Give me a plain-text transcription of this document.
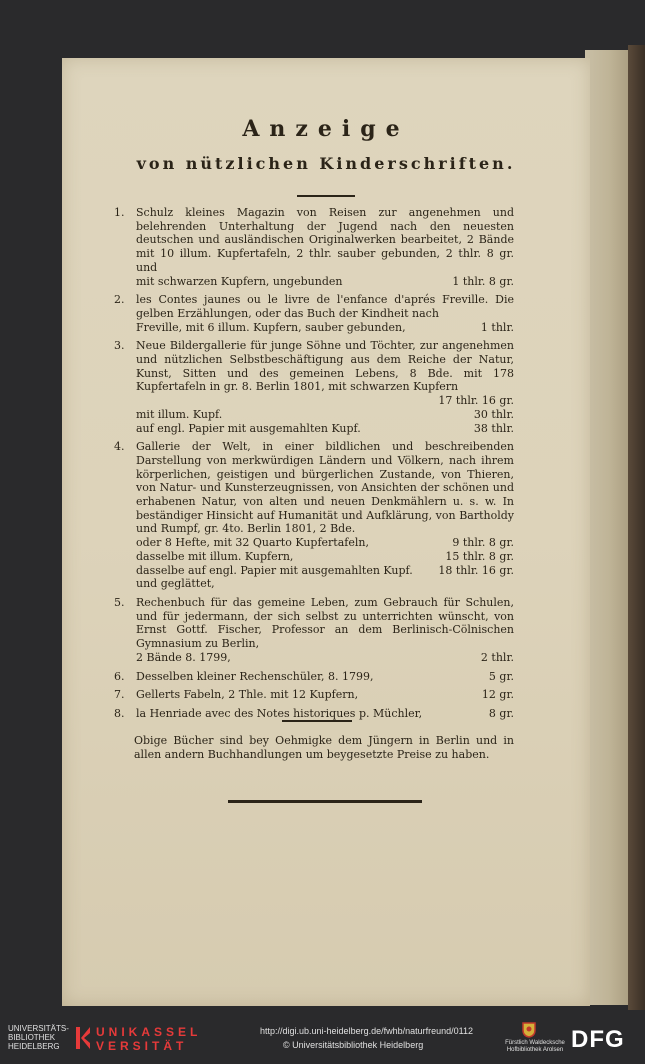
Anzeige
von nützlichen Kinderschriften.
1. Schulz kleines Magazin von Reisen zur angenehmen und belehrenden Unterhaltung der Jugend nach den neuesten deutschen und ausländischen Originalwerken bearbeitet, 2 Bände mit 10 illum. Kupfertafeln, 2 thlr. sauber gebunden, 2 thlr. 8 gr. und
mit schwarzen Kupfern, ungebunden	1 thlr. 8 gr.
2. les Contes jaunes ou le livre de l'enfance d'aprés Freville. Die gelben Erzählungen, oder das Buch der Kindheit nach
Freville, mit 6 illum. Kupfern, sauber gebunden,	1 thlr.
3. Neue Bildergallerie für junge Söhne und Töchter, zur angenehmen und nützlichen Selbstbeschäftigung aus dem Reiche der Natur, Kunst, Sitten und des gemeinen Lebens, 8 Bde. mit 178 Kupfertafeln in gr. 8. Berlin 1801, mit schwarzen Kupfern
17 thlr. 16 gr.
mit illum. Kupf.	30 thlr.
auf engl. Papier mit ausgemahlten Kupf.	38 thlr.
4. Gallerie der Welt, in einer bildlichen und beschreibenden Darstellung von merkwürdigen Ländern und Völkern, nach ihrem körperlichen, geistigen und bürgerlichen Zustande, von Thieren, von Natur- und Kunsterzeugnissen, von Ansichten der schönen und erhabenen Natur, von alten und neuen Denkmählern u. s. w. In beständiger Hinsicht auf Humanität und Aufklärung, von Bartholdy und Rumpf, gr. 4to. Berlin 1801, 2 Bde.
oder 8 Hefte, mit 32 Quarto Kupfertafeln,	9 thlr. 8 gr.
dasselbe mit illum. Kupfern,	15 thlr. 8 gr.
dasselbe auf engl. Papier mit ausgemahlten Kupf. und geglättet,
18 thlr. 16 gr.
5. Rechenbuch für das gemeine Leben, zum Gebrauch für Schulen, und für jedermann, der sich selbst zu unterrichten wünscht, von Ernst Gottf. Fischer, Professor an dem Berlinisch-Cölnischen Gymnasium zu Berlin,
2 Bände 8. 1799,	2 thlr.
6. Desselben kleiner Rechenschüler, 8. 1799,	5 gr.
7. Gellerts Fabeln, 2 Thle. mit 12 Kupfern,	12 gr.
8. la Henriade avec des Notes historiques p. Müchler,	8 gr.
Obige Bücher sind bey Oehmigke dem Jüngern in Berlin und in allen andern Buchhandlungen um beygesetzte Preise zu haben.
UNIVERSITÄTS-
BIBLIOTHEK
HEIDELBERG
UNIKASSEL
VERSITÄT
http://digi.ub.uni-heidelberg.de/fwhb/naturfreund/0112
© Universitätsbibliothek Heidelberg	Fürstlich Waldecksche
Hofbibliothek Arolsen DFG
